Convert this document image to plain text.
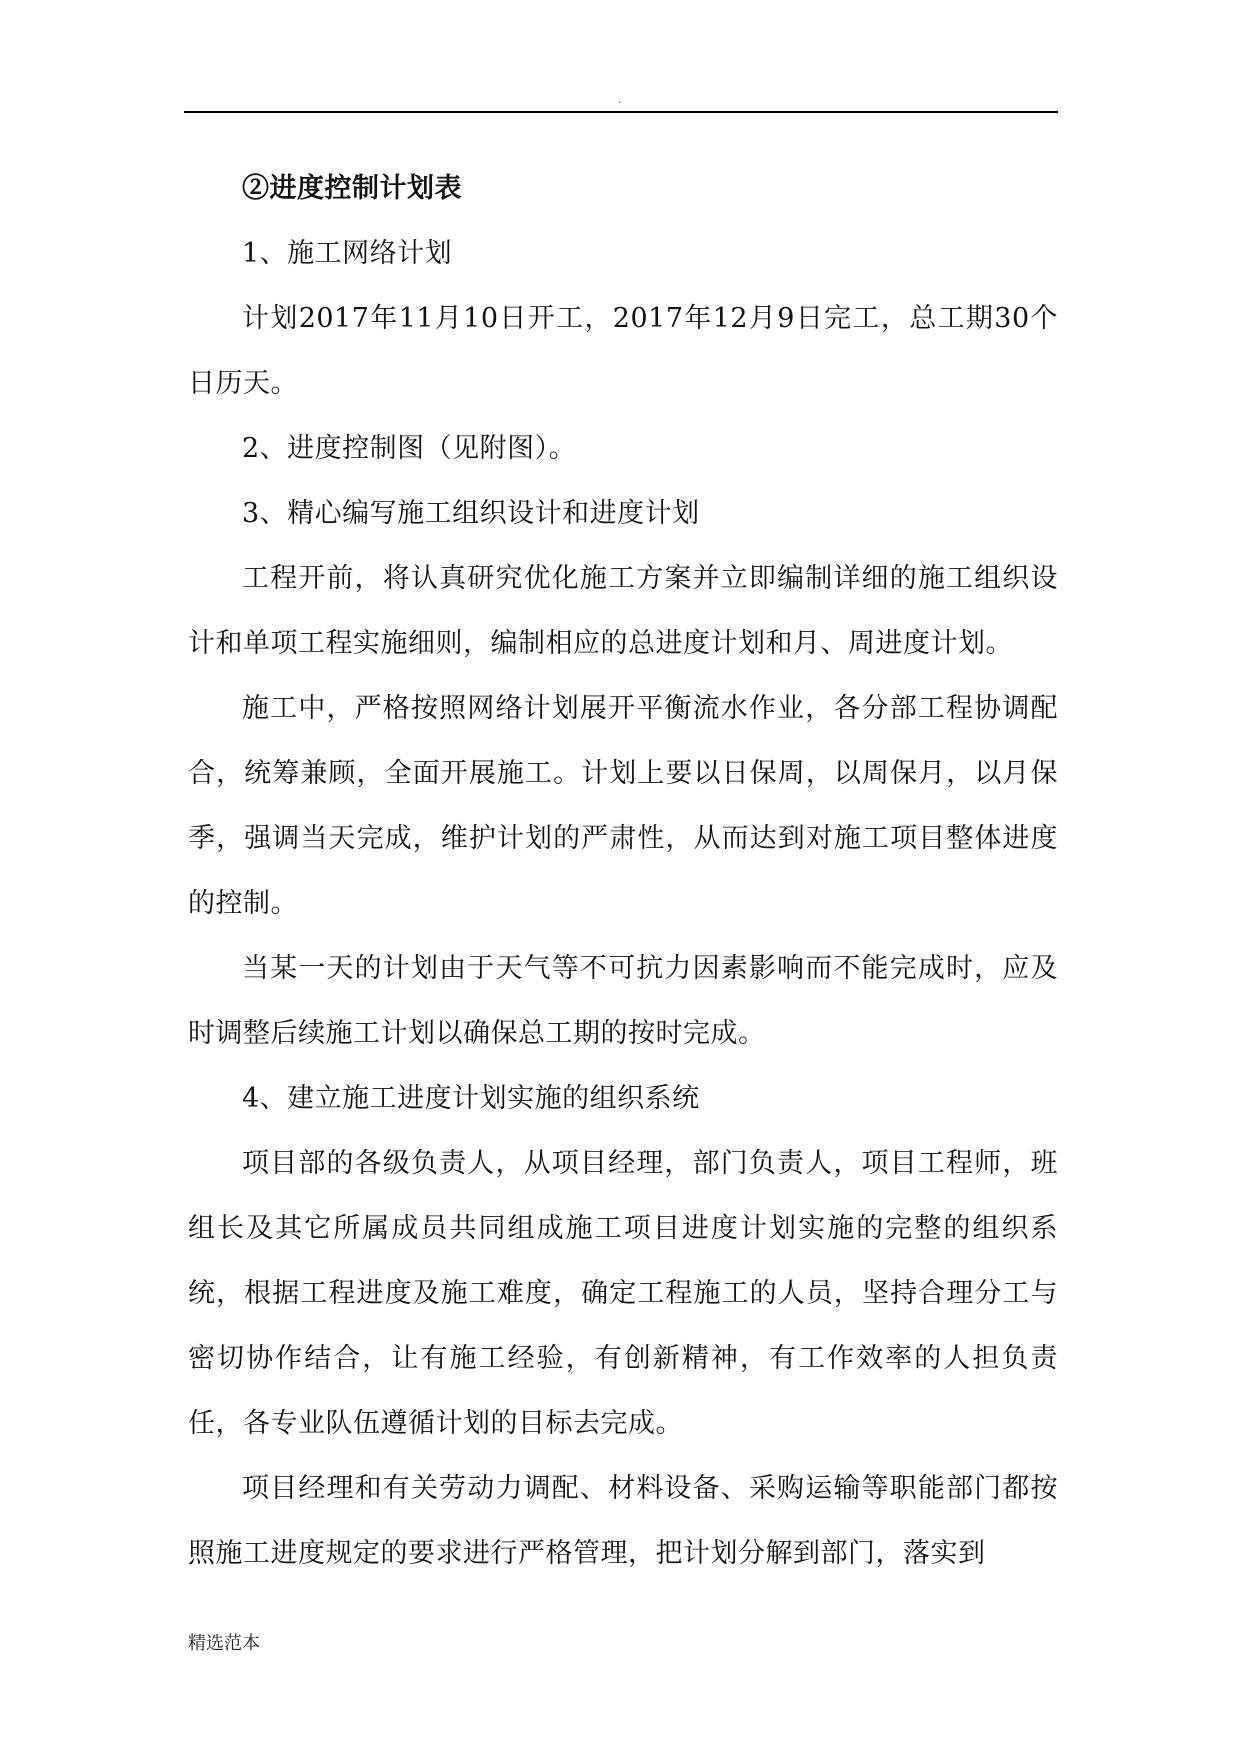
.

②进度控制计划表

1、施工网络计划

计划2017年11月10日开工，2017年12月9日完工，总工期30个日历天。

2、进度控制图（见附图）。

3、精心编写施工组织设计和进度计划

工程开前，将认真研究优化施工方案并立即编制详细的施工组织设计和单项工程实施细则，编制相应的总进度计划和月、周进度计划。

施工中，严格按照网络计划展开平衡流水作业，各分部工程协调配合，统筹兼顾，全面开展施工。计划上要以日保周，以周保月，以月保季，强调当天完成，维护计划的严肃性，从而达到对施工项目整体进度的控制。

当某一天的计划由于天气等不可抗力因素影响而不能完成时，应及时调整后续施工计划以确保总工期的按时完成。

4、建立施工进度计划实施的组织系统

项目部的各级负责人，从项目经理，部门负责人，项目工程师，班组长及其它所属成员共同组成施工项目进度计划实施的完整的组织系统，根据工程进度及施工难度，确定工程施工的人员，坚持合理分工与密切协作结合，让有施工经验，有创新精神，有工作效率的人担负责任，各专业队伍遵循计划的目标去完成。

项目经理和有关劳动力调配、材料设备、采购运输等职能部门都按照施工进度规定的要求进行严格管理，把计划分解到部门，落实到

精选范本
